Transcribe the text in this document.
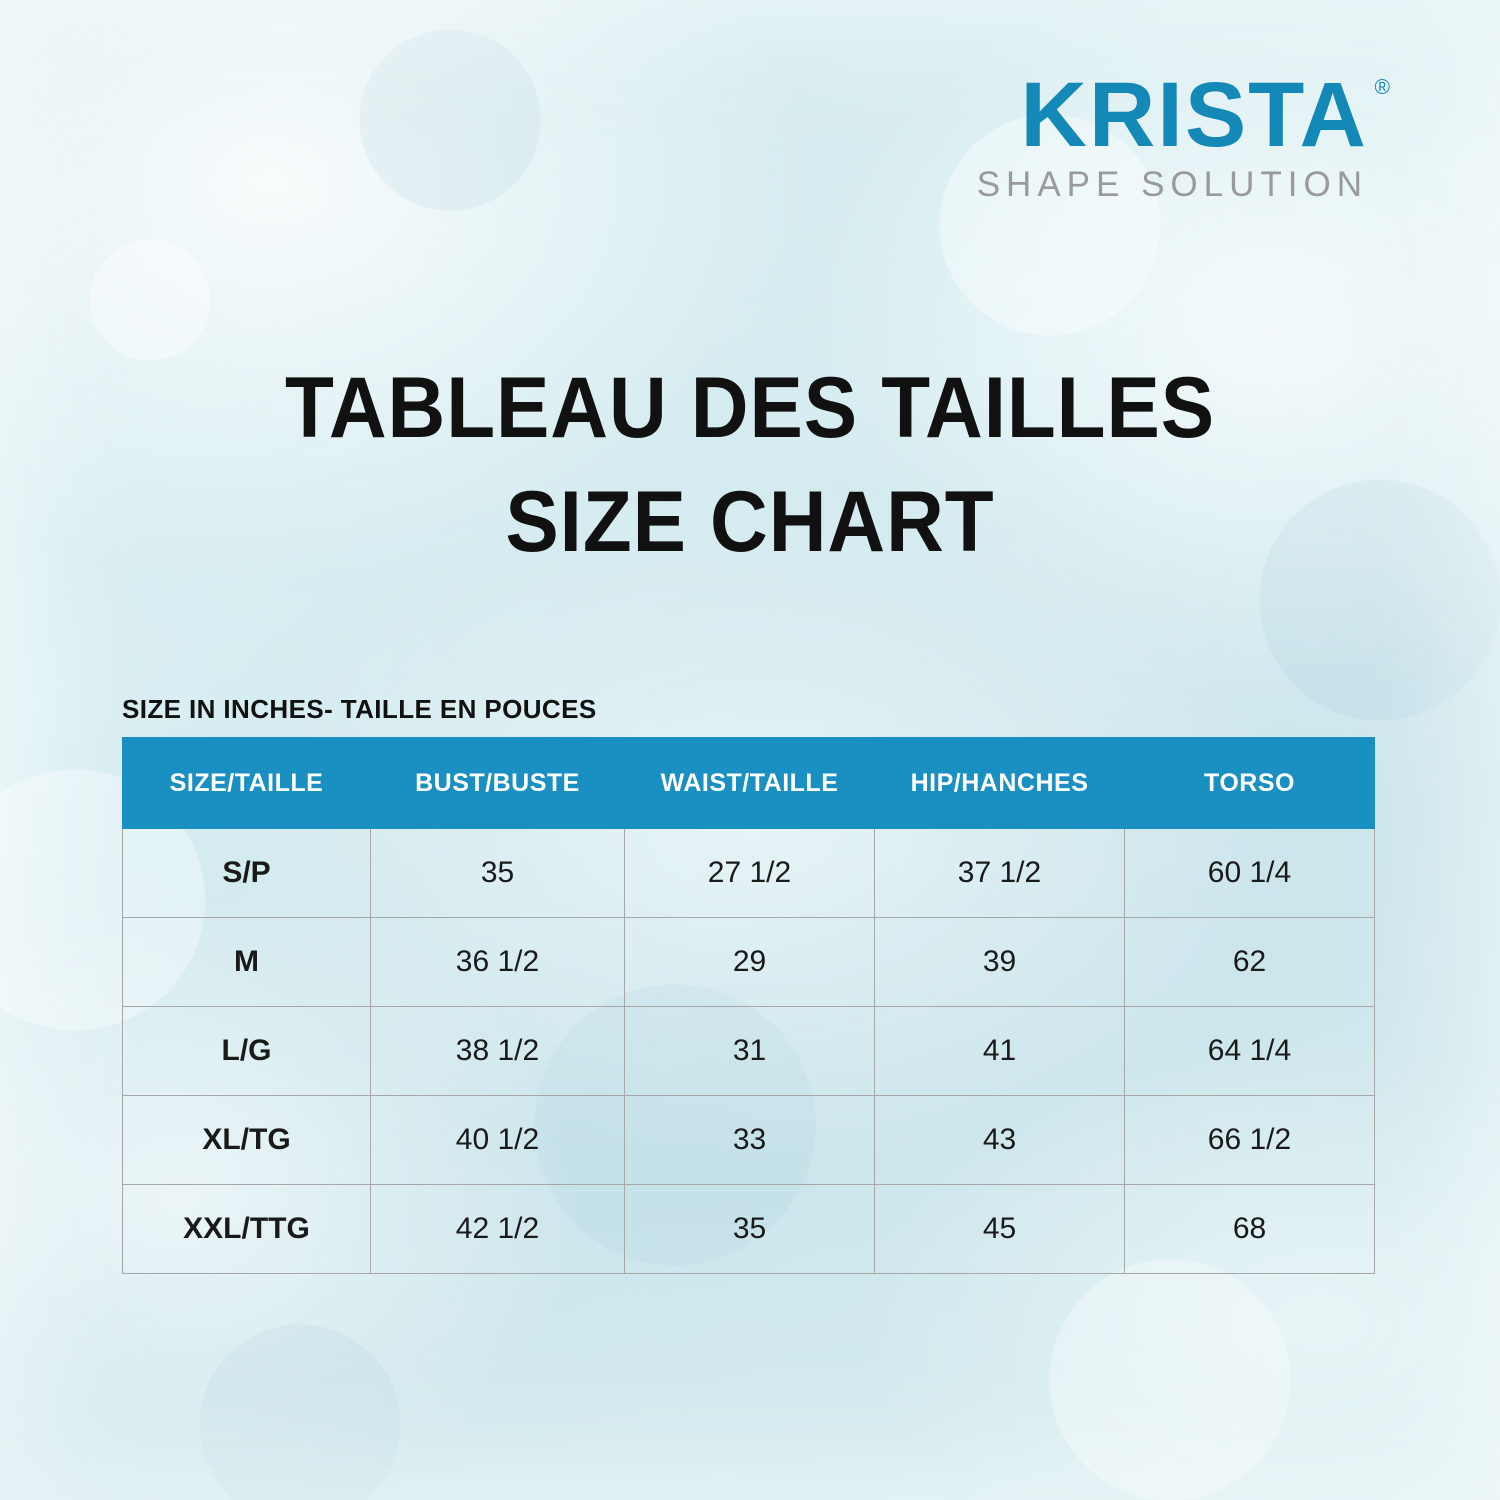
KRISTA ®
SHAPE SOLUTION
TABLEAU DES TAILLES
SIZE CHART
SIZE IN INCHES- TAILLE EN POUCES
SIZE/TAILLE	BUST/BUSTE	WAIST/TAILLE	HIP/HANCHES	TORSO
S/P	35	27 1/2	37 1/2	60 1/4
M	36 1/2	29	39	62
L/G	38 1/2	31	41	64 1/4
XL/TG	40 1/2	33	43	66 1/2
XXL/TTG	42 1/2	35	45	68
